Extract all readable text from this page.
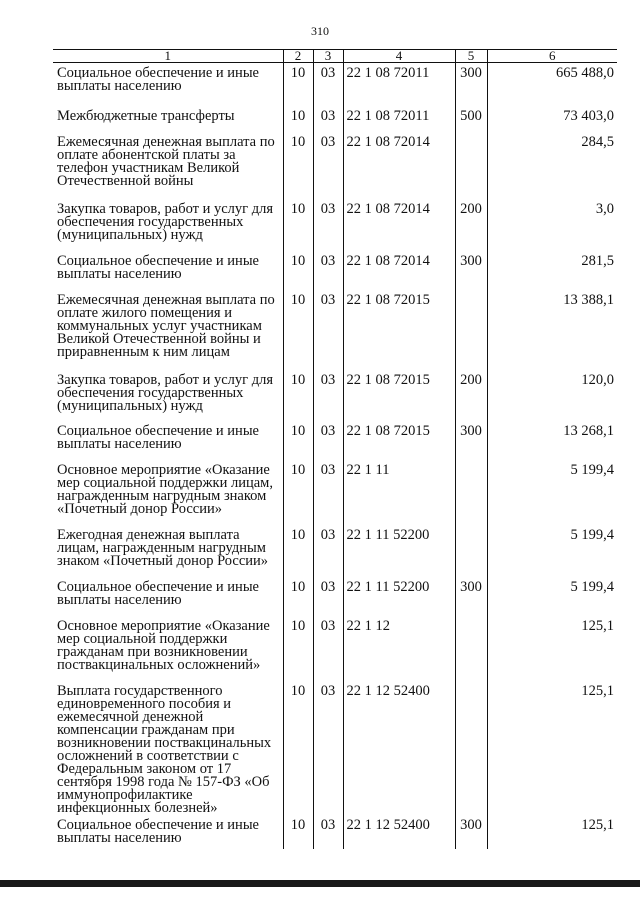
310
1	2	3	4	5	6
Социальное обеспечение и иные выплаты населению	10	03	22 1 08 72011	300	665 488,0
Межбюджетные трансферты	10	03	22 1 08 72011	500	73 403,0
Ежемесячная денежная выплата по оплате абонентской платы за телефон участникам Великой Отечественной войны	10	03	22 1 08 72014		284,5
Закупка товаров, работ и услуг для обеспечения государственных (муниципальных) нужд	10	03	22 1 08 72014	200	3,0
Социальное обеспечение и иные выплаты населению	10	03	22 1 08 72014	300	281,5
Ежемесячная денежная выплата по оплате жилого помещения и коммунальных услуг участникам Великой Отечественной войны и приравненным к ним лицам	10	03	22 1 08 72015		13 388,1
Закупка товаров, работ и услуг для обеспечения государственных (муниципальных) нужд	10	03	22 1 08 72015	200	120,0
Социальное обеспечение и иные выплаты населению	10	03	22 1 08 72015	300	13 268,1
Основное мероприятие «Оказание мер социальной поддержки лицам, награжденным нагрудным знаком «Почетный донор России»	10	03	22 1 11		5 199,4
Ежегодная денежная выплата лицам, награжденным нагрудным знаком «Почетный донор России»	10	03	22 1 11 52200		5 199,4
Социальное обеспечение и иные выплаты населению	10	03	22 1 11 52200	300	5 199,4
Основное мероприятие «Оказание мер социальной поддержки гражданам при возникновении поствакцинальных осложнений»	10	03	22 1 12		125,1
Выплата государственного единовременного пособия и ежемесячной денежной компенсации гражданам при возникновении поствакцинальных осложнений в соответствии с Федеральным законом от 17 сентября 1998 года № 157-ФЗ «Об иммунопрофилактике инфекционных болезней»	10	03	22 1 12 52400		125,1
Социальное обеспечение и иные выплаты населению	10	03	22 1 12 52400	300	125,1
